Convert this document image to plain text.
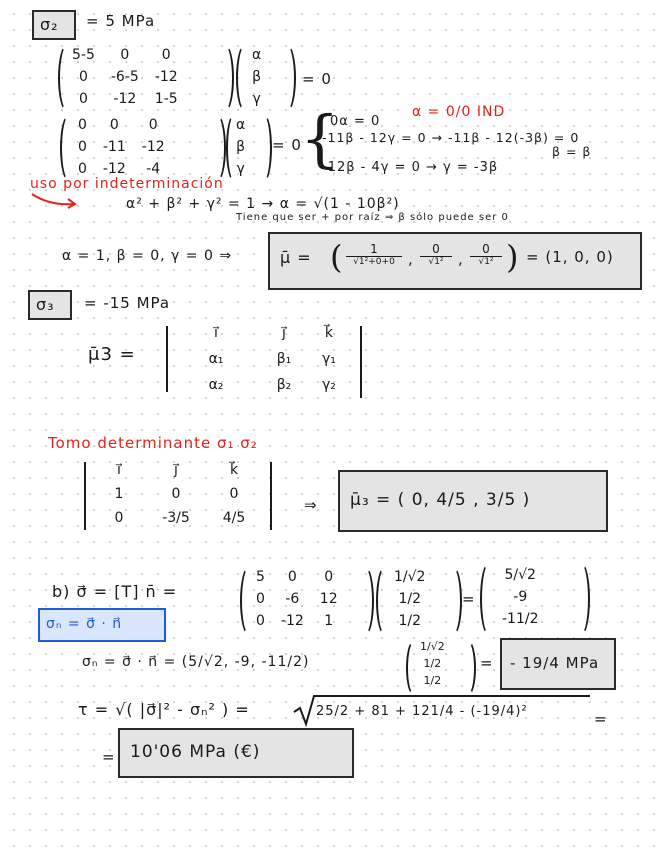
σ₂ = 5 MPa
5-5	0	0
0	-6-5	-12
0	-12	1-5
α
β
γ
= 0
0	0	0
0	-11	-12
0	-12	-4
α
β
γ
= 0
{
0α = 0
α = 0/0 IND
-11β - 12γ = 0 → -11β - 12(-3β) = 0
β = β
-12β - 4γ = 0 → γ = -3β
uso por indeterminación
α² + β² + γ² = 1 → α = √(1 - 10β²)
Tiene que ser + por raíz ⇒ β sólo puede ser 0
α = 1, β = 0, γ = 0 ⇒	μ̄ = (	1
√1²+0+0 ,
0
√1² ,
0
√1² ) = (1, 0, 0)
σ₃ = -15 MPa
μ̄3 =
i⃗	j⃗	k⃗
α₁	β₁	γ₁
α₂	β₂	γ₂
Tomo determinante σ₁ σ₂
i⃗	j⃗	k⃗
1	0	0
0	-3/5	4/5
⇒ μ̄₃ = ( 0, 4/5 , 3/5 )
b) σ⃗ = [T] n̄ =
σₙ = σ⃗ · n⃗
5	0	0
0	-6	12
0	-12	1
1/√2
1/2
1/2
=
5/√2
-9
-11/2
σₙ = σ⃗ · n⃗ = (5/√2, -9, -11/2)
1/√2
1/2
1/2
= - 19/4 MPa
τ = √( |σ⃗|² - σₙ² ) =	25/2 + 81 + 121/4 - (-19/4)²	=
= 10'06 MPa (€)
